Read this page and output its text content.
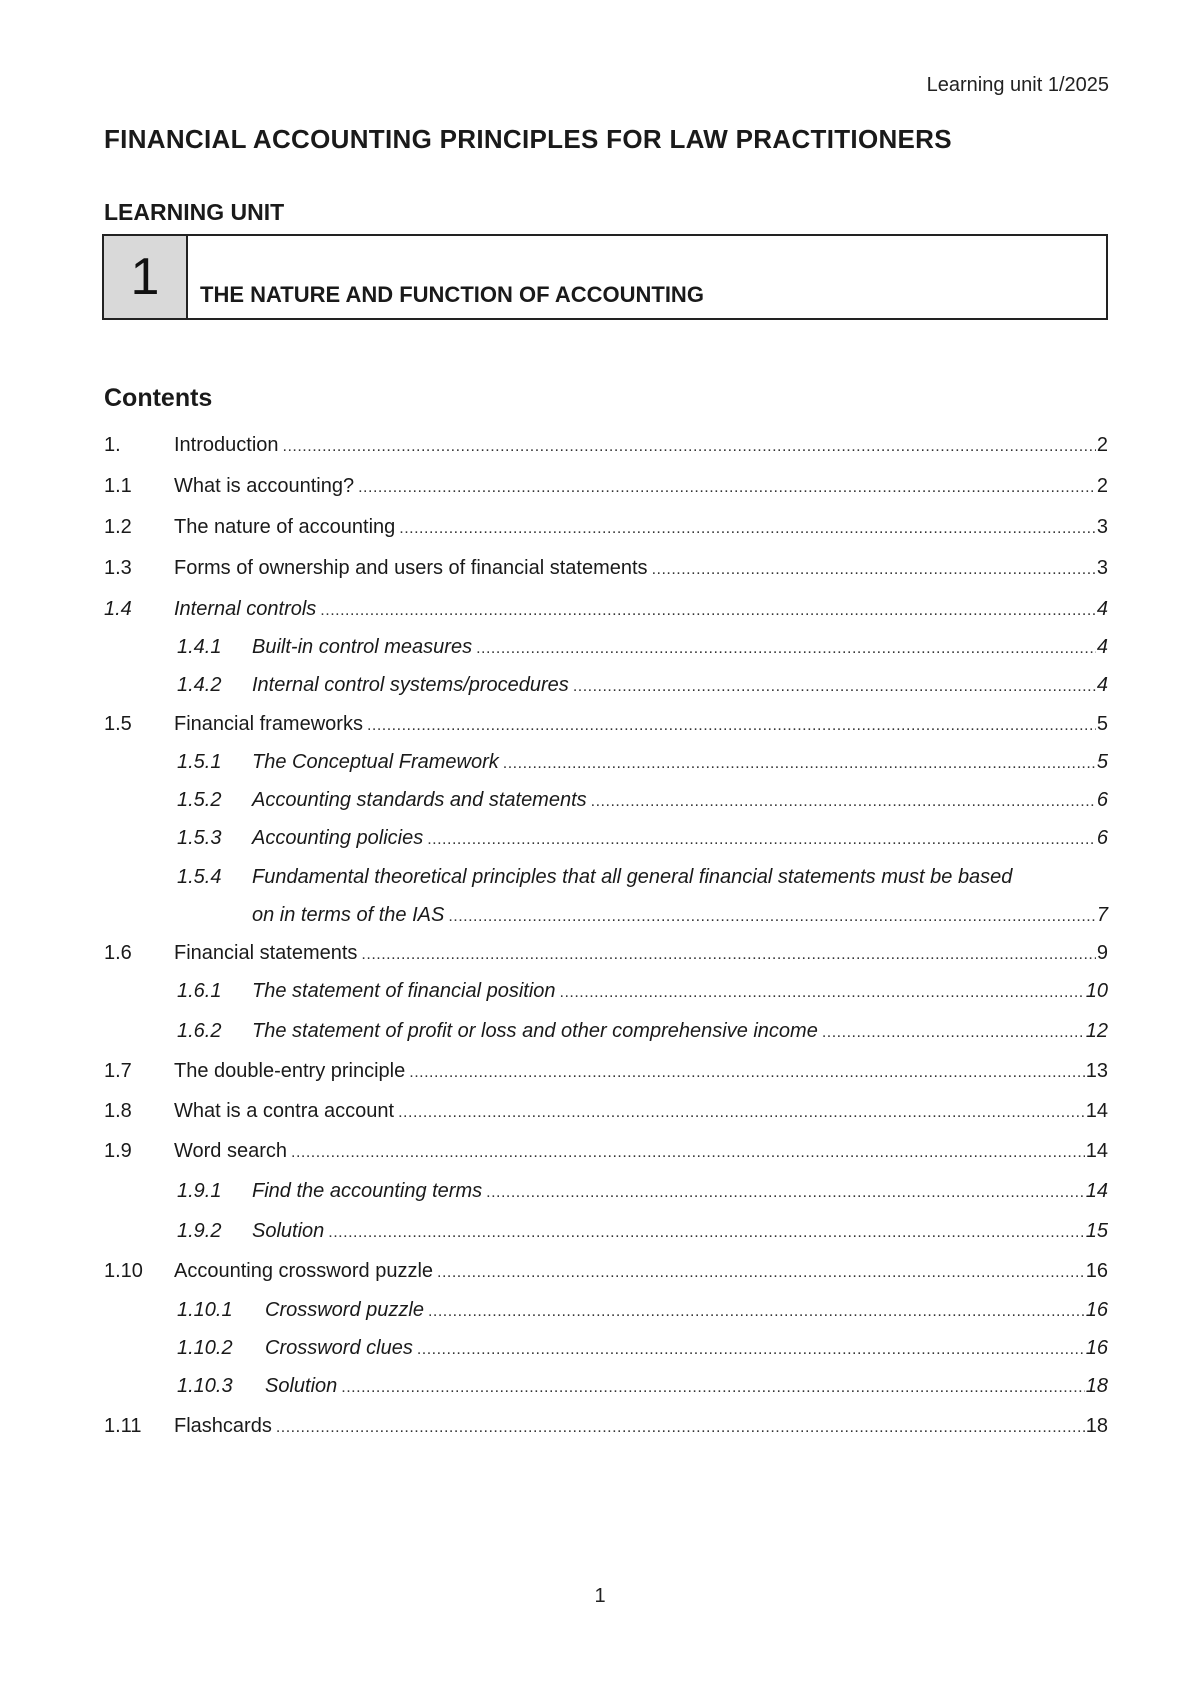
Learning unit 1/2025
FINANCIAL ACCOUNTING PRINCIPLES FOR LAW PRACTITIONERS
LEARNING UNIT
1	THE NATURE AND FUNCTION OF ACCOUNTING
Contents
1.	Introduction .....	2
1.1	What is accounting? .....	2
1.2	The nature of accounting .....	3
1.3	Forms of ownership and users of financial statements .....	3
1.4	Internal controls .....	4
1.4.1	Built-in control measures .....	4
1.4.2	Internal control systems/procedures .....	4
1.5	Financial frameworks .....	5
1.5.1	The Conceptual Framework .....	5
1.5.2	Accounting standards and statements .....	6
1.5.3	Accounting policies .....	6
1.5.4	Fundamental theoretical principles that all general financial statements must be based
on in terms of the IAS .....	7
1.6	Financial statements .....	9
1.6.1	The statement of financial position .....	10
1.6.2	The statement of profit or loss and other comprehensive income .....	12
1.7	The double-entry principle .....	13
1.8	What is a contra account .....	14
1.9	Word search .....	14
1.9.1	Find the accounting terms .....	14
1.9.2	Solution .....	15
1.10	Accounting crossword puzzle .....	16
1.10.1	Crossword puzzle .....	16
1.10.2	Crossword clues .....	16
1.10.3	Solution .....	18
1.11	Flashcards .....	18
1
